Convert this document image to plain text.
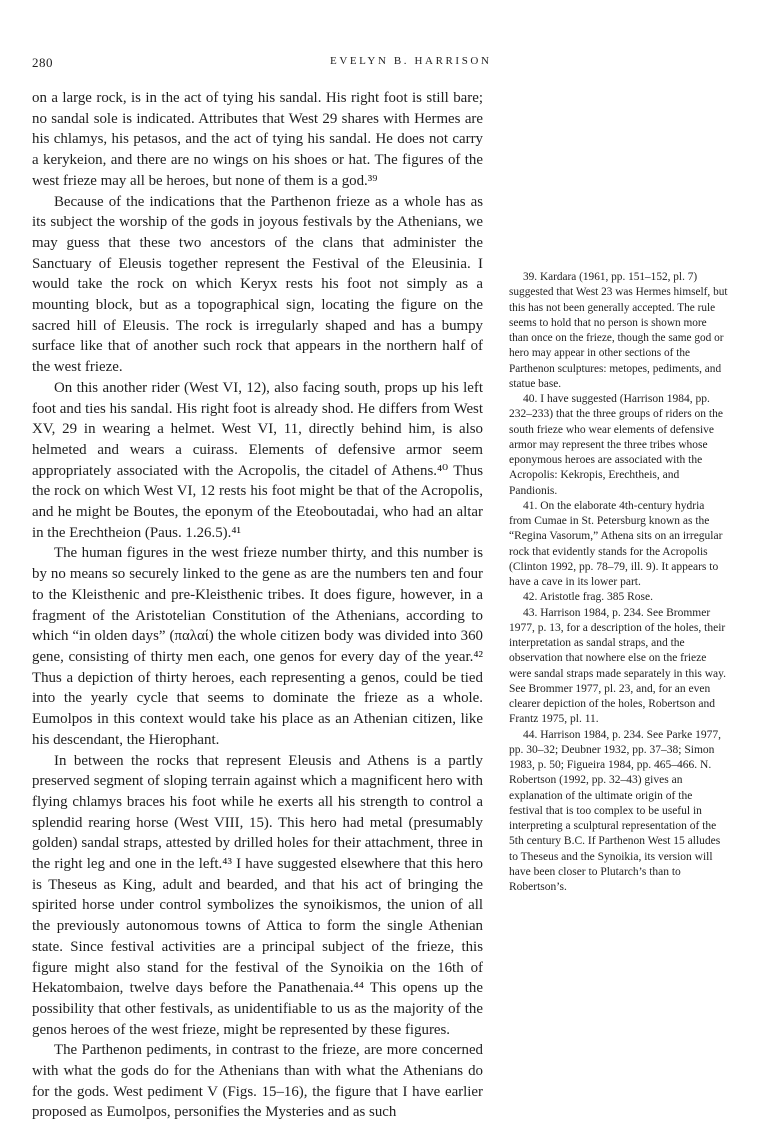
280	EVELYN B. HARRISON

on a large rock, is in the act of tying his sandal. His right foot is still bare; no sandal sole is indicated. Attributes that West 29 shares with Hermes are his chlamys, his petasos, and the act of tying his sandal. He does not carry a kerykeion, and there are no wings on his shoes or hat. The figures of the west frieze may all be heroes, but none of them is a god.³⁹

Because of the indications that the Parthenon frieze as a whole has as its subject the worship of the gods in joyous festivals by the Athenians, we may guess that these two ancestors of the clans that administer the Sanctuary of Eleusis together represent the Festival of the Eleusinia. I would take the rock on which Keryx rests his foot not simply as a mounting block, but as a topographical sign, locating the figure on the sacred hill of Eleusis. The rock is irregularly shaped and has a bumpy surface like that of another such rock that appears in the northern half of the west frieze.

On this another rider (West VI, 12), also facing south, props up his left foot and ties his sandal. His right foot is already shod. He differs from West XV, 29 in wearing a helmet. West VI, 11, directly behind him, is also helmeted and wears a cuirass. Elements of defensive armor seem appropriately associated with the Acropolis, the citadel of Athens.⁴⁰ Thus the rock on which West VI, 12 rests his foot might be that of the Acropolis, and he might be Boutes, the eponym of the Eteoboutadai, who had an altar in the Erechtheion (Paus. 1.26.5).⁴¹

The human figures in the west frieze number thirty, and this number is by no means so securely linked to the gene as are the numbers ten and four to the Kleisthenic and pre-Kleisthenic tribes. It does figure, however, in a fragment of the Aristotelian Constitution of the Athenians, according to which “in olden days” (παλαί) the whole citizen body was divided into 360 gene, consisting of thirty men each, one genos for every day of the year.⁴² Thus a depiction of thirty heroes, each representing a genos, could be tied into the yearly cycle that seems to dominate the frieze as a whole. Eumolpos in this context would take his place as an Athenian citizen, like his descendant, the Hierophant.

In between the rocks that represent Eleusis and Athens is a partly preserved segment of sloping terrain against which a magnificent hero with flying chlamys braces his foot while he exerts all his strength to control a splendid rearing horse (West VIII, 15). This hero had metal (presumably golden) sandal straps, attested by drilled holes for their attachment, three in the right leg and one in the left.⁴³ I have suggested elsewhere that this hero is Theseus as King, adult and bearded, and that his act of bringing the spirited horse under control symbolizes the synoikismos, the union of all the previously autonomous towns of Attica to form the single Athenian state. Since festival activities are a principal subject of the frieze, this figure might also stand for the festival of the Synoikia on the 16th of Hekatombaion, twelve days before the Panathenaia.⁴⁴ This opens up the possibility that other festivals, as unidentifiable to us as the majority of the genos heroes of the west frieze, might be represented by these figures.

The Parthenon pediments, in contrast to the frieze, are more concerned with what the gods do for the Athenians than with what the Athenians do for the gods. West pediment V (Figs. 15–16), the figure that I have earlier proposed as Eumolpos, personifies the Mysteries and as such

39. Kardara (1961, pp. 151–152, pl. 7) suggested that West 23 was Hermes himself, but this has not been generally accepted. The rule seems to hold that no person is shown more than once on the frieze, though the same god or hero may appear in other sections of the Parthenon sculptures: metopes, pediments, and statue base.

40. I have suggested (Harrison 1984, pp. 232–233) that the three groups of riders on the south frieze who wear elements of defensive armor may represent the three tribes whose eponymous heroes are associated with the Acropolis: Kekropis, Erechtheis, and Pandionis.

41. On the elaborate 4th-century hydria from Cumae in St. Petersburg known as the “Regina Vasorum,” Athena sits on an irregular rock that evidently stands for the Acropolis (Clinton 1992, pp. 78–79, ill. 9). It appears to have a cave in its lower part.

42. Aristotle frag. 385 Rose.

43. Harrison 1984, p. 234. See Brommer 1977, p. 13, for a description of the holes, their interpretation as sandal straps, and the observation that nowhere else on the frieze were sandal straps made separately in this way. See Brommer 1977, pl. 23, and, for an even clearer depiction of the holes, Robertson and Frantz 1975, pl. 11.

44. Harrison 1984, p. 234. See Parke 1977, pp. 30–32; Deubner 1932, pp. 37–38; Simon 1983, p. 50; Figueira 1984, pp. 465–466. N. Robertson (1992, pp. 32–43) gives an explanation of the ultimate origin of the festival that is too complex to be useful in interpreting a sculptural representation of the 5th century B.C. If Parthenon West 15 alludes to Theseus and the Synoikia, its version will have been closer to Plutarch’s than to Robertson’s.
